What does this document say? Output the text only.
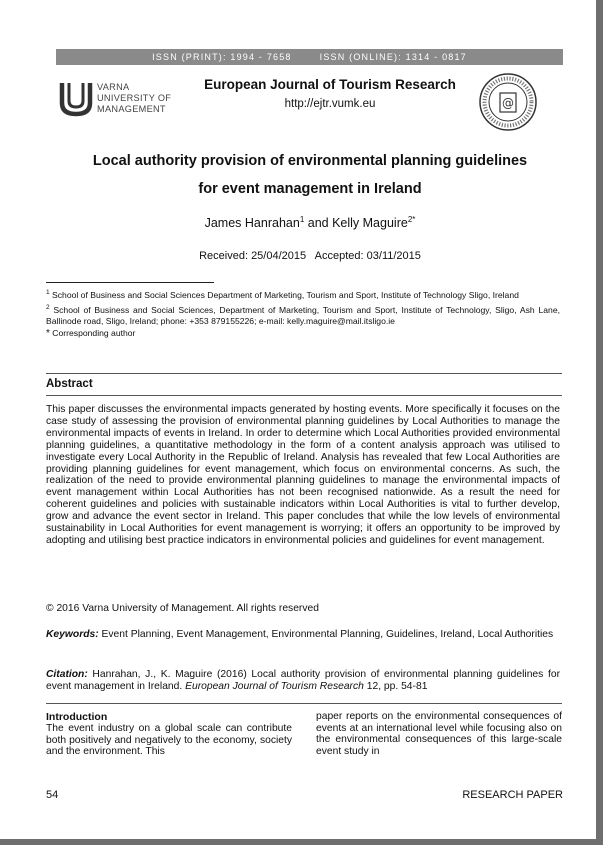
ISSN (PRINT): 1994 - 7658	ISSN (ONLINE): 1314 - 0817
VARNA
UNIVERSITY OF
MANAGEMENT
European Journal of Tourism Research
http://ejtr.vumk.eu	@
Local authority provision of environmental planning guidelines
for event management in Ireland
James Hanrahan$^1$ and Kelly Maguire$^{2*}$
Received: 25/04/2015   Accepted: 03/11/2015

$^1$ School of Business and Social Sciences Department of Marketing, Tourism and Sport, Institute of Technology Sligo, Ireland

$^2$ School of Business and Social Sciences, Department of Marketing, Tourism and Sport, Institute of Technology, Sligo, Ash Lane, Ballinode road, Sligo, Ireland; phone: +353 879155226; e-mail: kelly.maguire@mail.itsligo.ie

* Corresponding author

Abstract

This paper discusses the environmental impacts generated by hosting events. More specifically it focuses on the case study of assessing the provision of environmental planning guidelines by Local Authorities to manage the environmental impacts of events in Ireland. In order to determine which Local Authorities provided environmental planning guidelines, a quantitative methodology in the form of a content analysis approach was utilised to investigate every Local Authority in the Republic of Ireland. Analysis has revealed that few Local Authorities are providing planning guidelines for event management, which focus on environmental concerns. As such, the realization of the need to provide environmental planning guidelines to manage the environmental impacts of event management within Local Authorities has not been recognised nationwide. As a result the need for coherent guidelines and policies with sustainable indicators within Local Authorities is vital to further develop, grow and advance the event sector in Ireland. This paper concludes that while the low levels of environmental sustainability in Local Authorities for event management is worrying; it offers an opportunity to be improved by adopting and utilising best practice indicators in environmental policies and guidelines for event management.

© 2016 Varna University of Management. All rights reserved
Keywords: Event Planning, Event Management, Environmental Planning, Guidelines, Ireland, Local Authorities
Citation: Hanrahan, J., K. Maguire (2016) Local authority provision of environmental planning guidelines for event management in Ireland. European Journal of Tourism Research 12, pp. 54-81
Introduction

The event industry on a global scale can contribute both positively and negatively to the economy, society and the environment. This

paper reports on the environmental consequences of events at an international level while focusing also on the environmental consequences of this large-scale event study in

54	RESEARCH PAPER
